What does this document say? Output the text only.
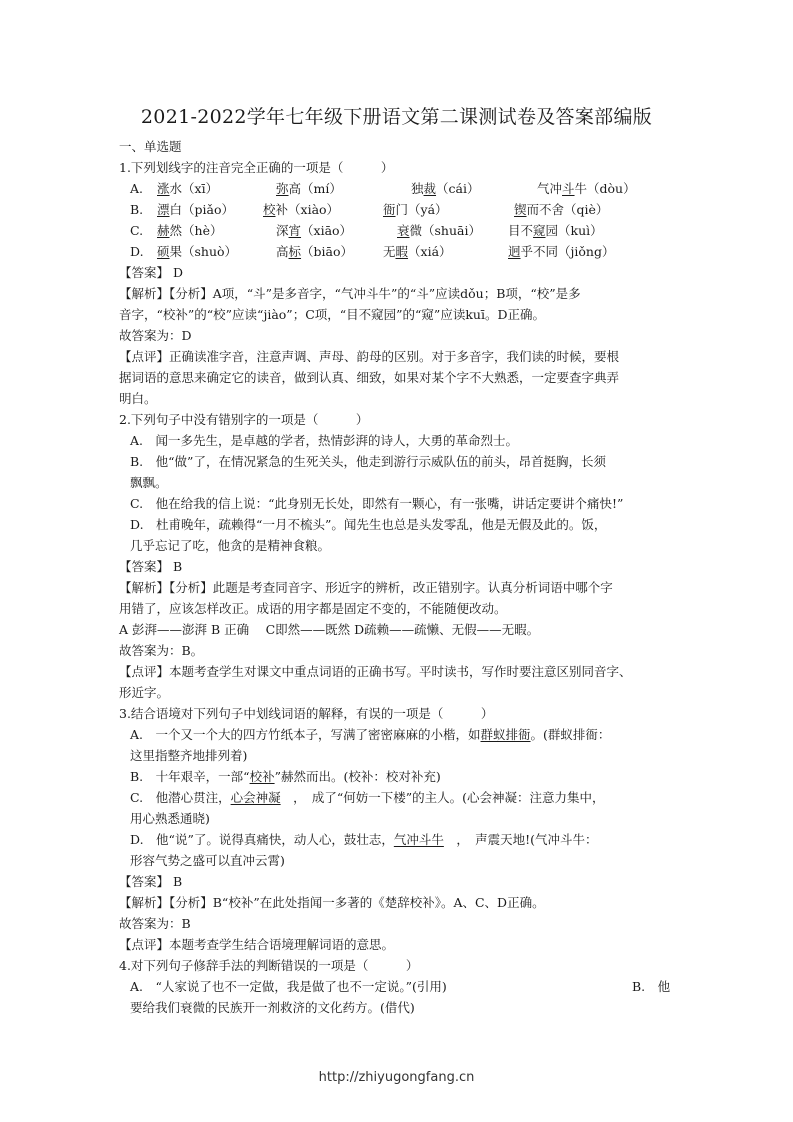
2021-2022学年七年级下册语文第二课测试卷及答案部编版
一、单选题
1.下列划线字的注音完全正确的一项是（　　　）
A. 涨水（xī）	弥高（mí）	独裁（cái）	气冲斗牛（dòu）
B. 漂白（piǎo） 校补（xiào）	衙门（yá）	锲而不舍（qiè）
C. 赫然（hè）	深宵（xiāo）	衰微（shuāi） 目不窥园（kuì）
D. 硕果（shuò）	高标（biāo） 无暇（xiá）	迥乎不同（jiǒng）
【答案】 D
【解析】【分析】A项，“斗”是多音字，“气冲斗牛”的“斗”应读dǒu；B项，“校”是多
音字，“校补”的“校”应读“jiào”；C项，“目不窥园”的“窥”应读kuī。D正确。
故答案为：D
【点评】正确读准字音，注意声调、声母、韵母的区别。对于多音字，我们读的时候，要根
据词语的意思来确定它的读音，做到认真、细致，如果对某个字不大熟悉，一定要查字典弄
明白。
2.下列句子中没有错别字的一项是（　　　）
A.　闻一多先生，是卓越的学者，热情彭湃的诗人，大勇的革命烈士。
B.　他“做”了，在情况紧急的生死关头，他走到游行示威队伍的前头，昂首挺胸，长须
飘飘。
C.　他在给我的信上说：“此身别无长处，即然有一颗心，有一张嘴，讲话定要讲个痛快!”
D.　杜甫晚年，疏赖得“一月不梳头”。闻先生也总是头发零乱，他是无假及此的。饭，
几乎忘记了吃，他贪的是精神食粮。
【答案】 B
【解析】【分析】此题是考查同音字、形近字的辨析，改正错别字。认真分析词语中哪个字
用错了，应该怎样改正。成语的用字都是固定不变的，不能随便改动。
A 彭湃——澎湃 B 正确　 C即然——既然 D疏赖——疏懒、无假——无暇。
故答案为：B。
【点评】本题考查学生对课文中重点词语的正确书写。平时读书，写作时要注意区别同音字、
形近字。
3.结合语境对下列句子中划线词语的解释，有误的一项是（　　　）
A.　一个又一个大的四方竹纸本子，写满了密密麻麻的小楷，如群蚁排衙。(群蚁排衙：
这里指整齐地排列着)
B.　十年艰辛，一部“校补”赫然而出。(校补：校对补充)
C.　他潜心贯注，心会神凝　，　成了“何妨一下楼”的主人。(心会神凝：注意力集中，
用心熟悉通晓)
D.　他“说”了。说得真痛快，动人心，鼓壮志，气冲斗牛　，　声震天地!(气冲斗牛：
形容气势之盛可以直冲云霄)
【答案】 B
【解析】【分析】B“校补”在此处指闻一多著的《楚辞校补》。A、C、D正确。
故答案为：B
【点评】本题考查学生结合语境理解词语的意思。
4.对下列句子修辞手法的判断错误的一项是（　　　）
A.　“人家说了也不一定做，我是做了也不一定说。”(引用)	B.　他
要给我们衰微的民族开一剂救济的文化药方。(借代)
http://zhiyugongfang.cn
